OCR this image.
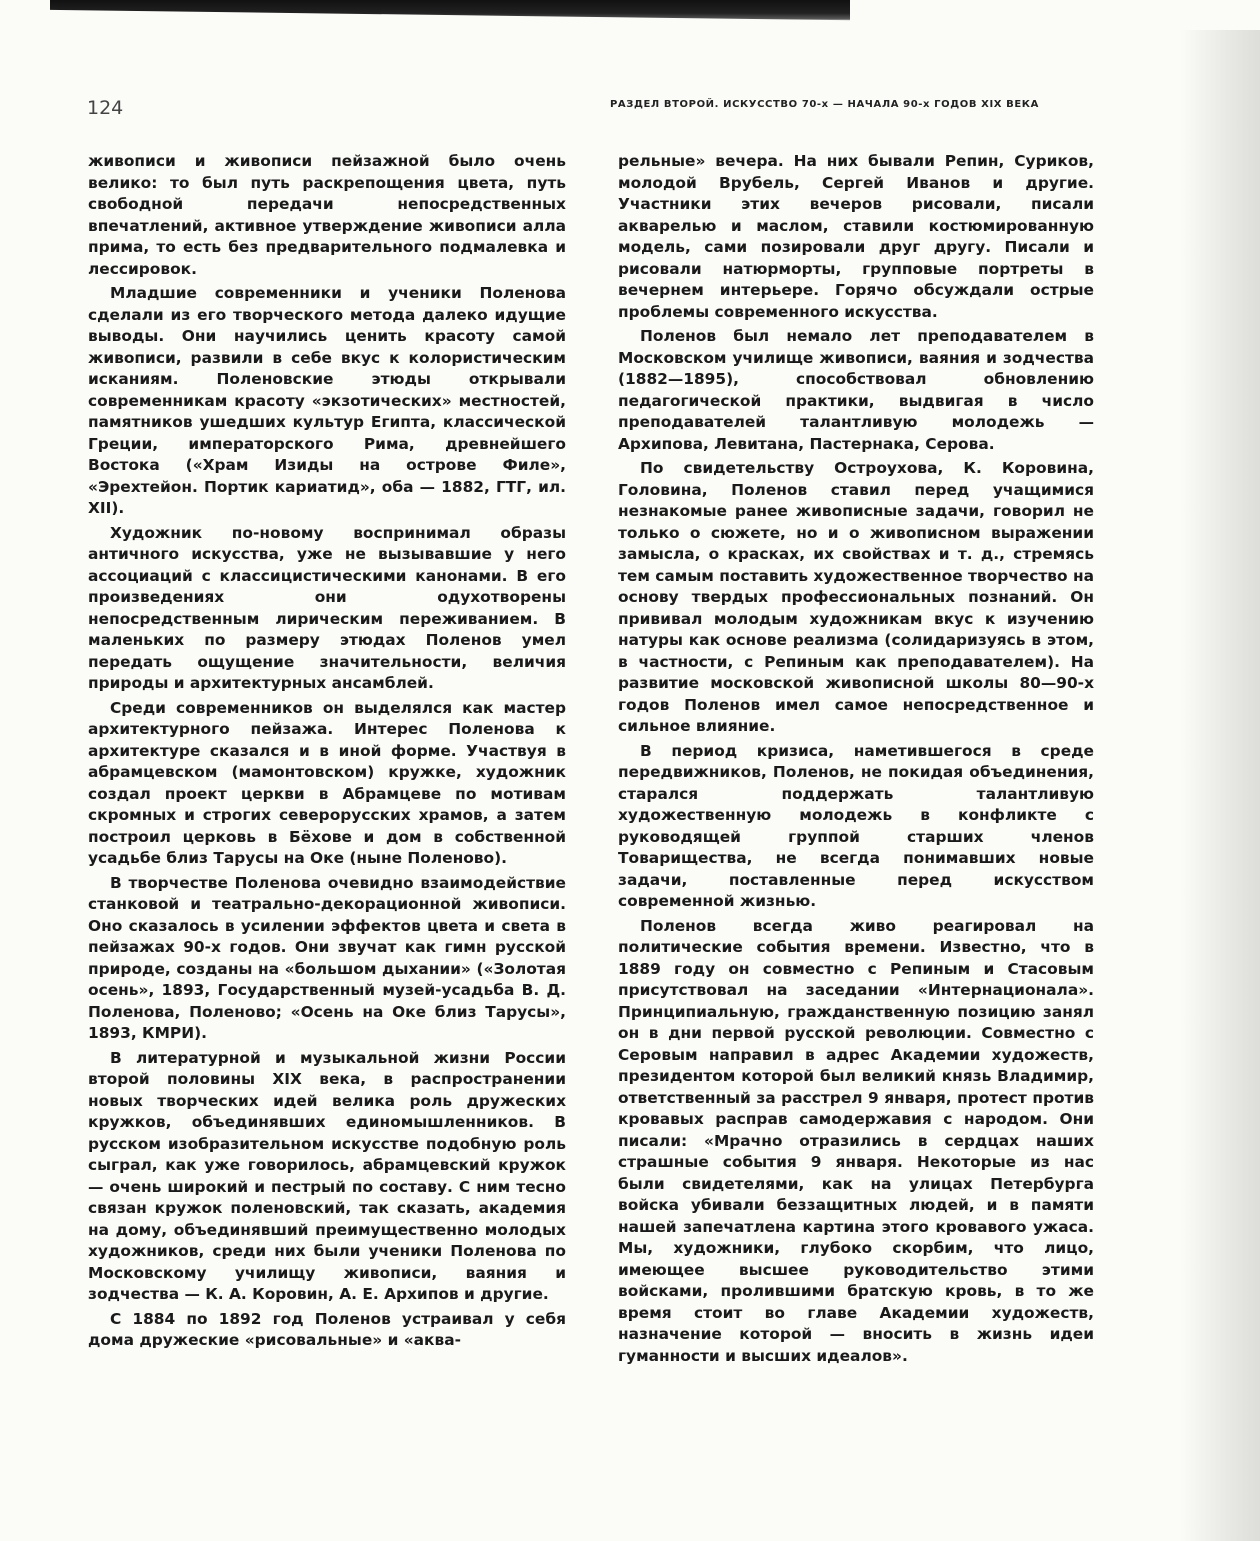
124	РАЗДЕЛ ВТОРОЙ. ИСКУССТВО 70-х — НАЧАЛА 90-х ГОДОВ XIX ВЕКА

живописи и живописи пейзажной было очень велико: то был путь раскрепощения цвета, путь свободной передачи непосредственных впечатлений, активное утверждение живописи алла прима, то есть без предварительного подмалевка и лессировок.

Младшие современники и ученики Поленова сделали из его творческого метода далеко идущие выводы. Они научились ценить красоту самой живописи, развили в себе вкус к колористическим исканиям. Поленовские этюды открывали современникам красоту «экзотических» местностей, памятников ушедших культур Египта, классической Греции, императорского Рима, древнейшего Востока («Храм Изиды на острове Филе», «Эрехтейон. Портик кариатид», оба — 1882, ГТГ, ил. XII).

Художник по-новому воспринимал образы античного искусства, уже не вызывавшие у него ассоциаций с классицистическими канонами. В его произведениях они одухотворены непосредственным лирическим переживанием. В маленьких по размеру этюдах Поленов умел передать ощущение значительности, величия природы и архитектурных ансамблей.

Среди современников он выделялся как мастер архитектурного пейзажа. Интерес Поленова к архитектуре сказался и в иной форме. Участвуя в абрамцевском (мамонтовском) кружке, художник создал проект церкви в Абрамцеве по мотивам скромных и строгих северорусских храмов, а затем построил церковь в Бёхове и дом в собственной усадьбе близ Тарусы на Оке (ныне Поленово).

В творчестве Поленова очевидно взаимодействие станковой и театрально-декорационной живописи. Оно сказалось в усилении эффектов цвета и света в пейзажах 90-х годов. Они звучат как гимн русской природе, созданы на «большом дыхании» («Золотая осень», 1893, Государственный музей-усадьба В. Д. Поленова, Поленово; «Осень на Оке близ Тарусы», 1893, КМРИ).

В литературной и музыкальной жизни России второй половины XIX века, в распространении новых творческих идей велика роль дружеских кружков, объединявших единомышленников. В русском изобразительном искусстве подобную роль сыграл, как уже говорилось, абрамцевский кружок — очень широкий и пестрый по составу. С ним тесно связан кружок поленовский, так сказать, академия на дому, объединявший преимущественно молодых художников, среди них были ученики Поленова по Московскому училищу живописи, ваяния и зодчества — К. А. Коровин, А. Е. Архипов и другие.

С 1884 по 1892 год Поленов устраивал у себя дома дружеские «рисовальные» и «аква-

рельные» вечера. На них бывали Репин, Суриков, молодой Врубель, Сергей Иванов и другие. Участники этих вечеров рисовали, писали акварелью и маслом, ставили костюмированную модель, сами позировали друг другу. Писали и рисовали натюрморты, групповые портреты в вечернем интерьере. Горячо обсуждали острые проблемы современного искусства.

Поленов был немало лет преподавателем в Московском училище живописи, ваяния и зодчества (1882—1895), способствовал обновлению педагогической практики, выдвигая в число преподавателей талантливую молодежь — Архипова, Левитана, Пастернака, Серова.

По свидетельству Остроухова, К. Коровина, Головина, Поленов ставил перед учащимися незнакомые ранее живописные задачи, говорил не только о сюжете, но и о живописном выражении замысла, о красках, их свойствах и т. д., стремясь тем самым поставить художественное творчество на основу твердых профессиональных познаний. Он прививал молодым художникам вкус к изучению натуры как основе реализма (солидаризуясь в этом, в частности, с Репиным как преподавателем). На развитие московской живописной школы 80—90-х годов Поленов имел самое непосредственное и сильное влияние.

В период кризиса, наметившегося в среде передвижников, Поленов, не покидая объединения, старался поддержать талантливую художественную молодежь в конфликте с руководящей группой старших членов Товарищества, не всегда понимавших новые задачи, поставленные перед искусством современной жизнью.

Поленов всегда живо реагировал на политические события времени. Известно, что в 1889 году он совместно с Репиным и Стасовым присутствовал на заседании «Интернационала». Принципиальную, гражданственную позицию занял он в дни первой русской революции. Совместно с Серовым направил в адрес Академии художеств, президентом которой был великий князь Владимир, ответственный за расстрел 9 января, протест против кровавых расправ самодержавия с народом. Они писали: «Мрачно отразились в сердцах наших страшные события 9 января. Некоторые из нас были свидетелями, как на улицах Петербурга войска убивали беззащитных людей, и в памяти нашей запечатлена картина этого кровавого ужаса. Мы, художники, глубоко скорбим, что лицо, имеющее высшее руководительство этими войсками, пролившими братскую кровь, в то же время стоит во главе Академии художеств, назначение которой — вносить в жизнь идеи гуманности и высших идеалов».
